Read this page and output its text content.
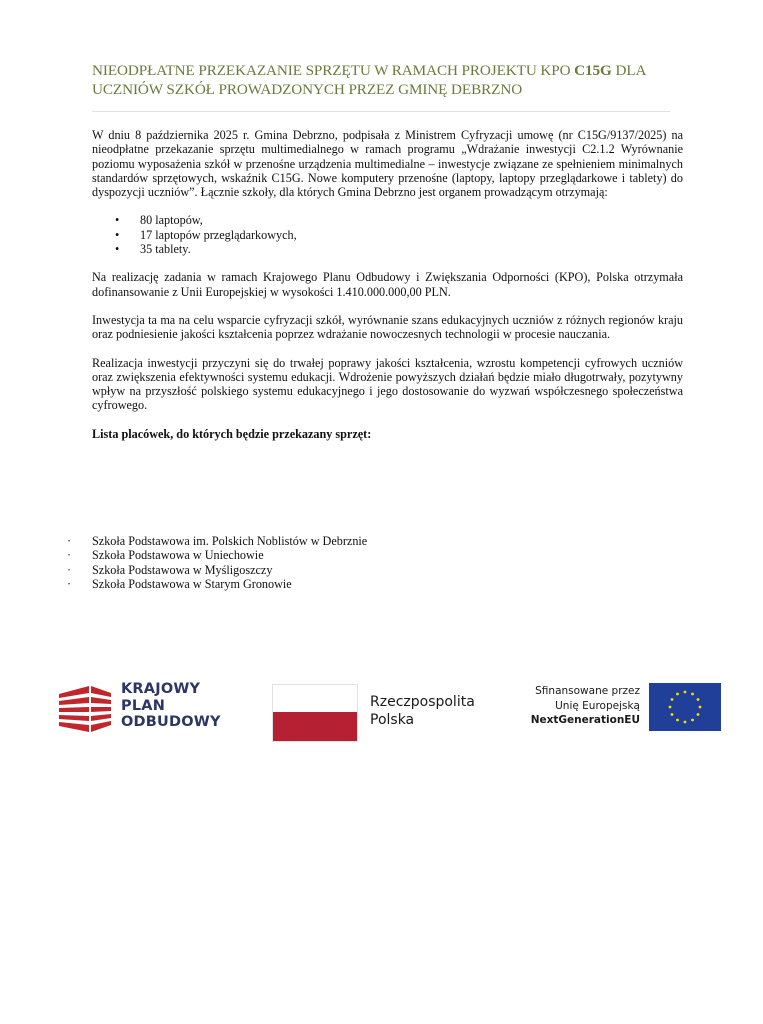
NIEODPŁATNE PRZEKAZANIE SPRZĘTU W RAMACH PROJEKTU KPO C15G DLA UCZNIÓW SZKÓŁ PROWADZONYCH PRZEZ GMINĘ DEBRZNO

W dniu 8 października 2025 r. Gmina Debrzno, podpisała z Ministrem Cyfryzacji umowę (nr C15G/9137/2025) na nieodpłatne przekazanie sprzętu multimedialnego w ramach programu „Wdrażanie inwestycji C2.1.2 Wyrównanie poziomu wyposażenia szkół w przenośne urządzenia multimedialne – inwestycje związane ze spełnieniem minimalnych standardów sprzętowych, wskaźnik C15G. Nowe komputery przenośne (laptopy, laptopy przeglądarkowe i tablety) do dyspozycji uczniów”. Łącznie szkoły, dla których Gmina Debrzno jest organem prowadzącym otrzymają:

• 80 laptopów,
• 17 laptopów przeglądarkowych,
• 35 tablety.

Na realizację zadania w ramach Krajowego Planu Odbudowy i Zwiększania Odporności (KPO), Polska otrzymała dofinansowanie z Unii Europejskiej w wysokości 1.410.000.000,00 PLN.

Inwestycja ta ma na celu wsparcie cyfryzacji szkół, wyrównanie szans edukacyjnych uczniów z różnych regionów kraju oraz podniesienie jakości kształcenia poprzez wdrażanie nowoczesnych technologii w procesie nauczania.

Realizacja inwestycji przyczyni się do trwałej poprawy jakości kształcenia, wzrostu kompetencji cyfrowych uczniów oraz zwiększenia efektywności systemu edukacji. Wdrożenie powyższych działań będzie miało długotrwały, pozytywny wpływ na przyszłość polskiego systemu edukacyjnego i jego dostosowanie do wyzwań współczesnego społeczeństwa cyfrowego.

Lista placówek, do których będzie przekazany sprzęt:

· Szkoła Podstawowa im. Polskich Noblistów w Debrznie
· Szkoła Podstawowa w Uniechowie
· Szkoła Podstawowa w Myśligoszczy
· Szkoła Podstawowa w Starym Gronowie
KRAJOWY
PLAN
ODBUDOWY
Rzeczpospolita
Polska
Sfinansowane przez
Unię Europejską
NextGenerationEU
